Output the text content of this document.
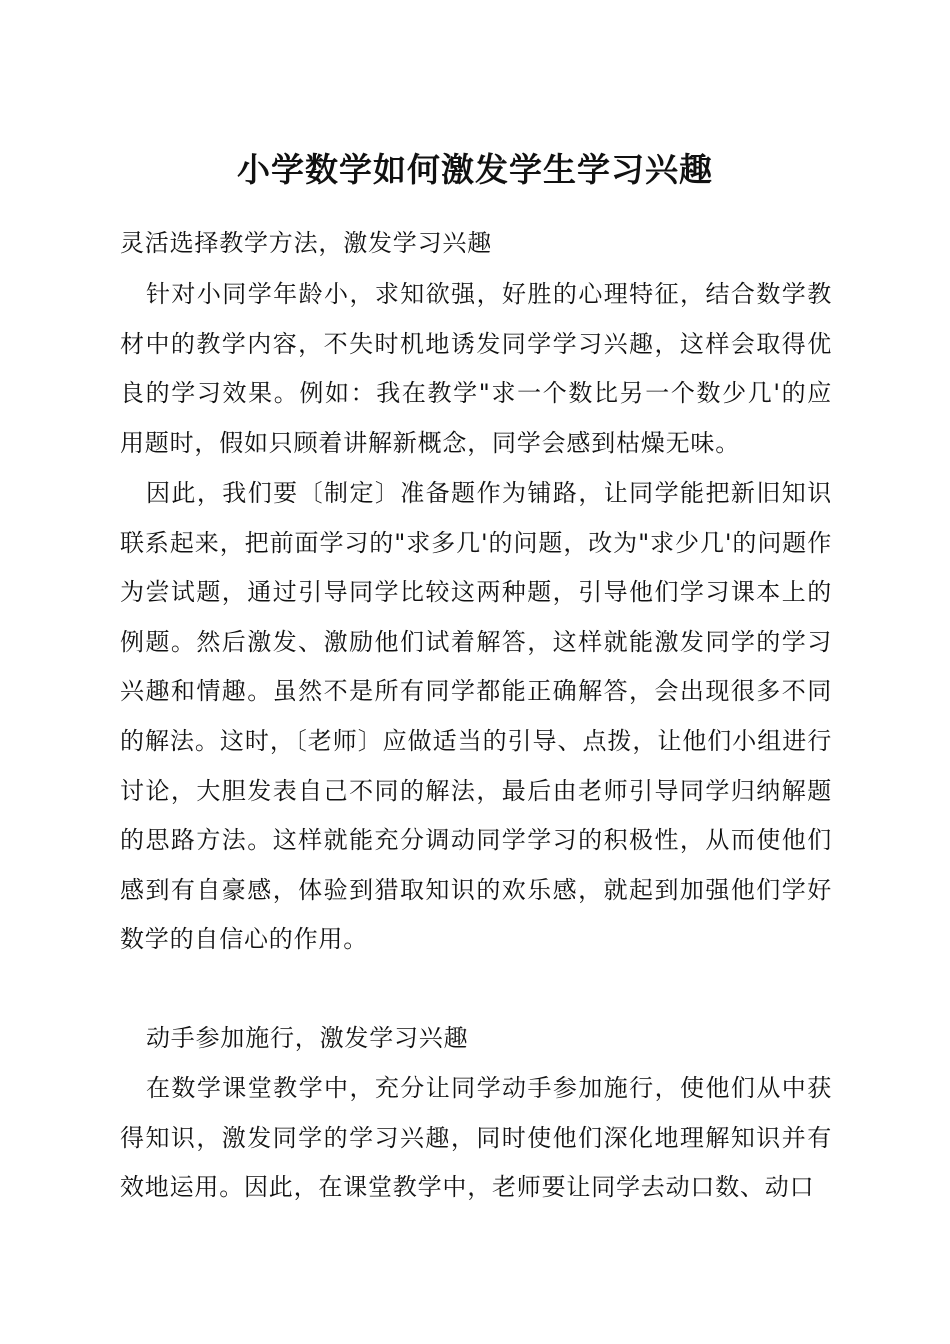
小学数学如何激发学生学习兴趣
灵活选择教学方法，激发学习兴趣

针对小同学年龄小，求知欲强，好胜的心理特征，结合数学教材中的教学内容，不失时机地诱发同学学习兴趣，这样会取得优良的学习效果。例如：我在教学"求一个数比另一个数少几'的应用题时，假如只顾着讲解新概念，同学会感到枯燥无味。

因此，我们要〔制定〕准备题作为铺路，让同学能把新旧知识联系起来，把前面学习的"求多几'的问题，改为"求少几'的问题作为尝试题，通过引导同学比较这两种题，引导他们学习课本上的例题。然后激发、激励他们试着解答，这样就能激发同学的学习兴趣和情趣。虽然不是所有同学都能正确解答，会出现很多不同的解法。这时，〔老师〕应做适当的引导、点拨，让他们小组进行讨论，大胆发表自己不同的解法，最后由老师引导同学归纳解题的思路方法。这样就能充分调动同学学习的积极性，从而使他们感到有自豪感，体验到猎取知识的欢乐感，就起到加强他们学好数学的自信心的作用。

动手参加施行，激发学习兴趣

在数学课堂教学中，充分让同学动手参加施行，使他们从中获得知识，激发同学的学习兴趣，同时使他们深化地理解知识并有效地运用。因此，在课堂教学中，老师要让同学去动口数、动口
